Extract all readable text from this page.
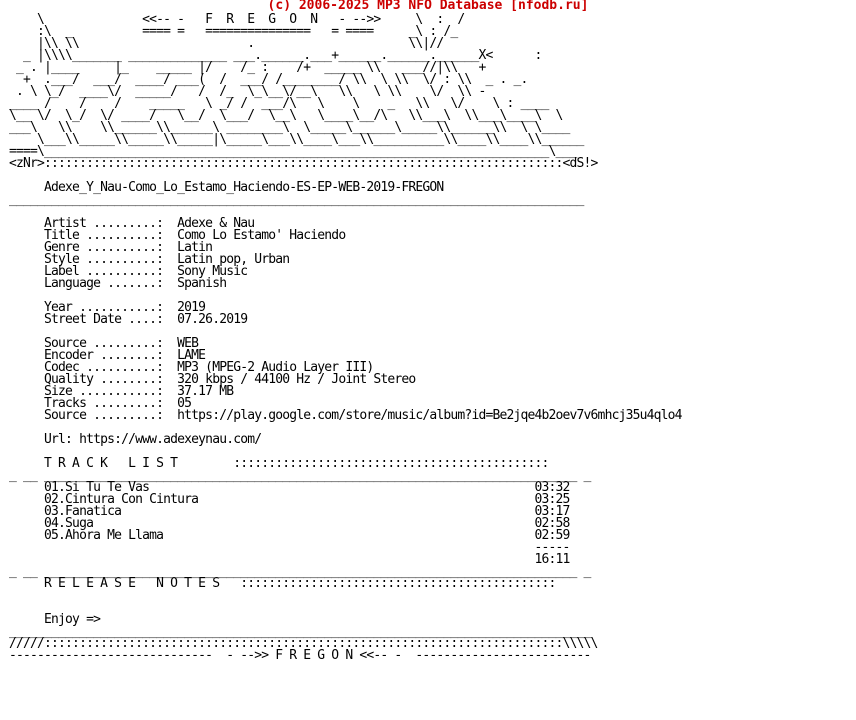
(c) 2006-2025 MP3 NFO Database [nfodb.ru]
\              <<-- -   F  R  E  G  O  N   - -->>     \  :  /
:\  _          ==== =   ===============   = ====     _\ : /_
|\\ \\                        .                      \\|//
_ |\\\\_______ ______________ ___.______.___+______.______.______X<      :
_ . |____     |_    _____ |/    /_ :    /+  _____ \\   ___//|\\   +
+  .___/  ___/  ____/ ___(  /  ___/ /________/ \\  \ \\  \/ : \\  _ . _.
. \ \_/  ____\/  _____/   /  /_  \_\__\/__\   \\   \ \\    \/  \\ -
____ /    /    /    _____   \ _/ /  ___/\   \    \    _   \\   \/    \ : ____
\__ \/  \_/  \/ ____/   \__/  \___/  \__\   \____\__/\   \\___\  \\___\____\  \
___\   \\    \\______\\______\ ________\  \_____\______\_____\\______\\  \ \____
\___\\_____\\_____\\_____|\_____\___\\____\___\\__________\\____\\____\\______
====\________________________________________________________________________\___
<zNr>::::::::::::::::::::::::::::::::::::::::::::::::::::::::::::::::::::::::::<dS!>

Adexe_Y_Nau-Como_Lo_Estamo_Haciendo-ES-EP-WEB-2019-FREGON
__________________________________________________________________________________

Artist .........:  Adexe & Nau
Title ..........:  Como Lo Estamo' Haciendo
Genre ..........:  Latin
Style ..........:  Latin pop, Urban
Label ..........:  Sony Music
Language .......:  Spanish

Year ...........:  2019
Street Date ....:  07.26.2019

Source .........:  WEB
Encoder ........:  LAME
Codec ..........:  MP3 (MPEG-2 Audio Layer III)
Quality ........:  320 kbps / 44100 Hz / Joint Stereo
Size ...........:  37.17 MB
Tracks .........:  05
Source .........:  https://play.google.com/store/music/album?id=Be2jqe4b2oev7v6mhcj35u4qlo4

Url: https://www.adexeynau.com/

T R A C K   L I S T        :::::::::::::::::::::::::::::::::::::::::::::
_ __ ____________________________________________________________________________ _
01.Si Tu Te Vas                                                       03:32
02.Cintura Con Cintura                                                03:25
03.Fanatica                                                           03:17
04.Suga                                                               02:58
05.Ahora Me Llama                                                     02:59
-----
16:11
_ __ ____________________________________________________________________________ _
R E L E A S E   N O T E S   :::::::::::::::::::::::::::::::::::::::::::::

Enjoy =>
___________________________________________________________________________________
/////::::::::::::::::::::::::::::::::::::::::::::::::::::::::::::::::::::::::::\\\\\
-----------------------------  - -->> F R E G O N <<-- -  -------------------------
